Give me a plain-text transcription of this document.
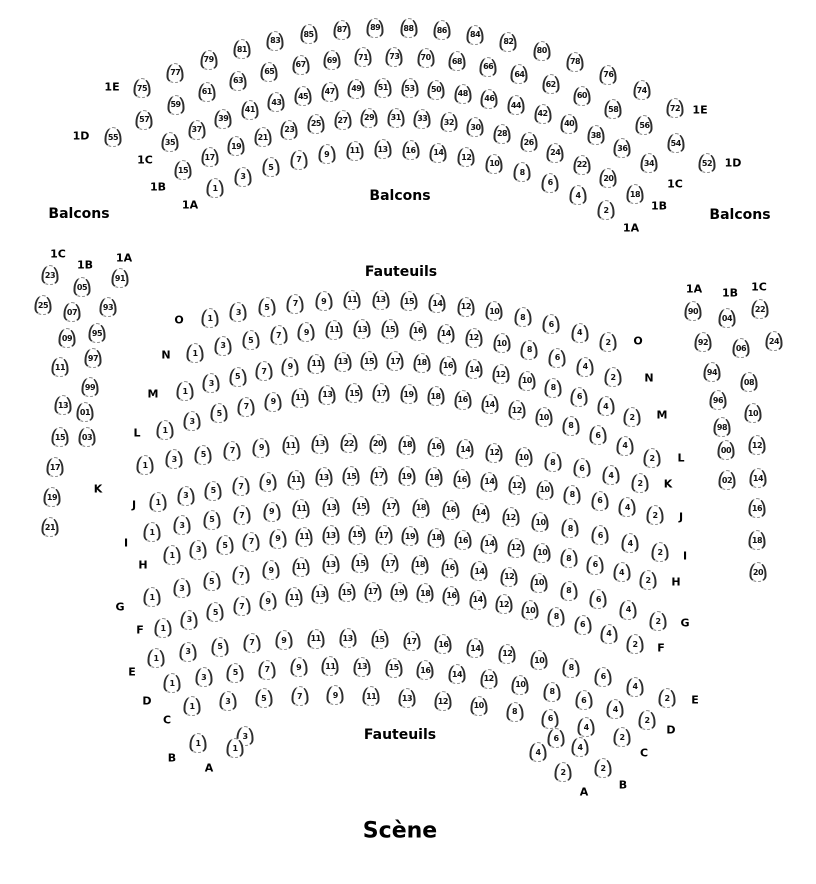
Balcons
Balcons
Balcons
Fauteuils
Fauteuils
Scène
75
77
79
81
83
85	87	89	88	86
84
82
80
78
76
74
72
1E
1E
55
57
59
61
63
65
67
69	71	73	70	68
66
64
62
60
58
56
54
52
1D
1D
35
37
39
41
43
45	47	49	51	53	50	48
46
44
42
40
38
36
34
1C
1C
15
17
19
21
23
25	27	29	31	33	32
30
28
26
24
22
20
18
1B
1B
1
3
5
7
9	11	13	16	14
12
10
8
6
4
2
1A
1A
1
3
5	7	9	11	13	15	14	12
10
8
6
4
2
O
O
1
3
5
7	9	11	13	15	16	14	12
10
8
6
4
2
N
N
1
3
5
7	9	11	13	15	17	18	16	14
12
10
8
6
4
2
M
M
1
3
5
7
9	11	13	15	17	19	18	16
14
12
10
8
6
4
2
L
L
1
3
5	7	9	11	13	22	20	18	16	14	12	10
8
6
4
2
K	K
1
3
5	7	9	11	13	15	17	19	18	16	14	12	10
8
6
4
2
J
J
1
3
5
7	9	11	13	15	17	18	16	14	12
10
8
6
4
2
I
I
1
3	5	7	9	11	13	15	17	19	18	16	14	12
10
8
6
4
2
H
H
1
3
5
7
9	11	13	15	17	18	16	14
12
10
8
6
4
2
G
G
1
3
5
7
9	11	13	15	17	19	18	16	14
12
10
8
6
4
2
F
F
1
3
5	7	9	11	13	15	17	16	14
12
10
8
6
4
2
E
E
1
3	5	7	9	11	13	15	16	14
12
10
8
6
4
2
D
D
1
3	5	7	9	11	13	12
10
8
6
4
2
C
C
1
3	6
4
2
B
B
1	4
2
A
A
1C
23
25
1B
05
07
09
11
13
15
17
19
21
1A
91
93
95
97
99
01
03
1A
90
92
94
96
98
00
02
1B
04
06
08
10
12
14
16
18
20
1C
22
24
